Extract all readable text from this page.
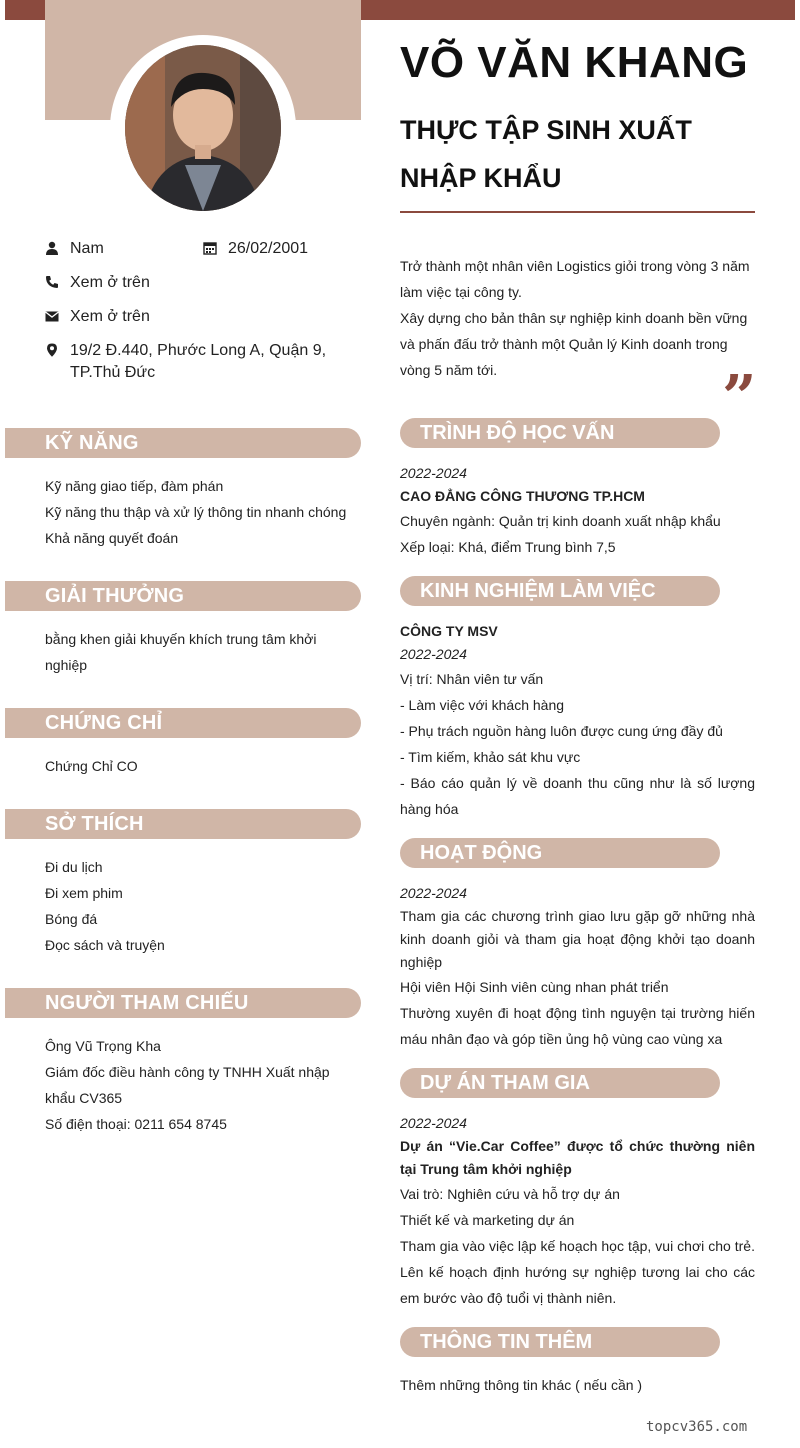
Nam	26/02/2001
Xem ở trên
Xem ở trên
19/2 Đ.440, Phước Long A, Quận 9, TP.Thủ Đức
KỸ NĂNG
Kỹ năng giao tiếp, đàm phán
Kỹ năng thu thập và xử lý thông tin nhanh chóng
Khả năng quyết đoán
GIẢI THƯỞNG
bằng khen giải khuyến khích trung tâm khởi nghiệp
CHỨNG CHỈ
Chứng Chỉ CO
SỞ THÍCH
Đi du lịch
Đi xem phim
Bóng đá
Đọc sách và truyện
NGƯỜI THAM CHIẾU
Ông Vũ Trọng Kha
Giám đốc điều hành công ty TNHH Xuất nhập khẩu CV365
Số điện thoại: 0211 654 8745
VÕ VĂN KHANG
THỰC TẬP SINH XUẤT NHẬP KHẨU
Trở thành một nhân viên Logistics giỏi trong vòng 3 năm làm việc tại công ty.
Xây dựng cho bản thân sự nghiệp kinh doanh bền vững và phấn đấu trở thành một Quản lý Kinh doanh trong vòng 5 năm tới.	”
TRÌNH ĐỘ HỌC VẤN
2022-2024
CAO ĐẲNG CÔNG THƯƠNG TP.HCM
Chuyên ngành: Quản trị kinh doanh xuất nhập khẩu
Xếp loại: Khá, điểm Trung bình 7,5
KINH NGHIỆM LÀM VIỆC
CÔNG TY MSV
2022-2024
Vị trí: Nhân viên tư vấn
- Làm việc với khách hàng
- Phụ trách nguồn hàng luôn được cung ứng đầy đủ
- Tìm kiếm, khảo sát khu vực
- Báo cáo quản lý về doanh thu cũng như là số lượng hàng hóa
HOẠT ĐỘNG
2022-2024
Tham gia các chương trình giao lưu gặp gỡ những nhà kinh doanh giỏi và tham gia hoạt động khởi tạo doanh nghiệp
Hội viên Hội Sinh viên cùng nhan phát triển
Thường xuyên đi hoạt động tình nguyện tại trường hiến máu nhân đạo và góp tiền ủng hộ vùng cao vùng xa
DỰ ÁN THAM GIA
2022-2024
Dự án “Vie.Car Coffee” được tổ chức thường niên tại Trung tâm khởi nghiệp
Vai trò: Nghiên cứu và hỗ trợ dự án
Thiết kế và marketing dự án
Tham gia vào việc lập kế hoạch học tập, vui chơi cho trẻ. Lên kế hoạch định hướng sự nghiệp tương lai cho các em bước vào độ tuổi vị thành niên.
THÔNG TIN THÊM
Thêm những thông tin khác ( nếu cần )
topcv365.com
